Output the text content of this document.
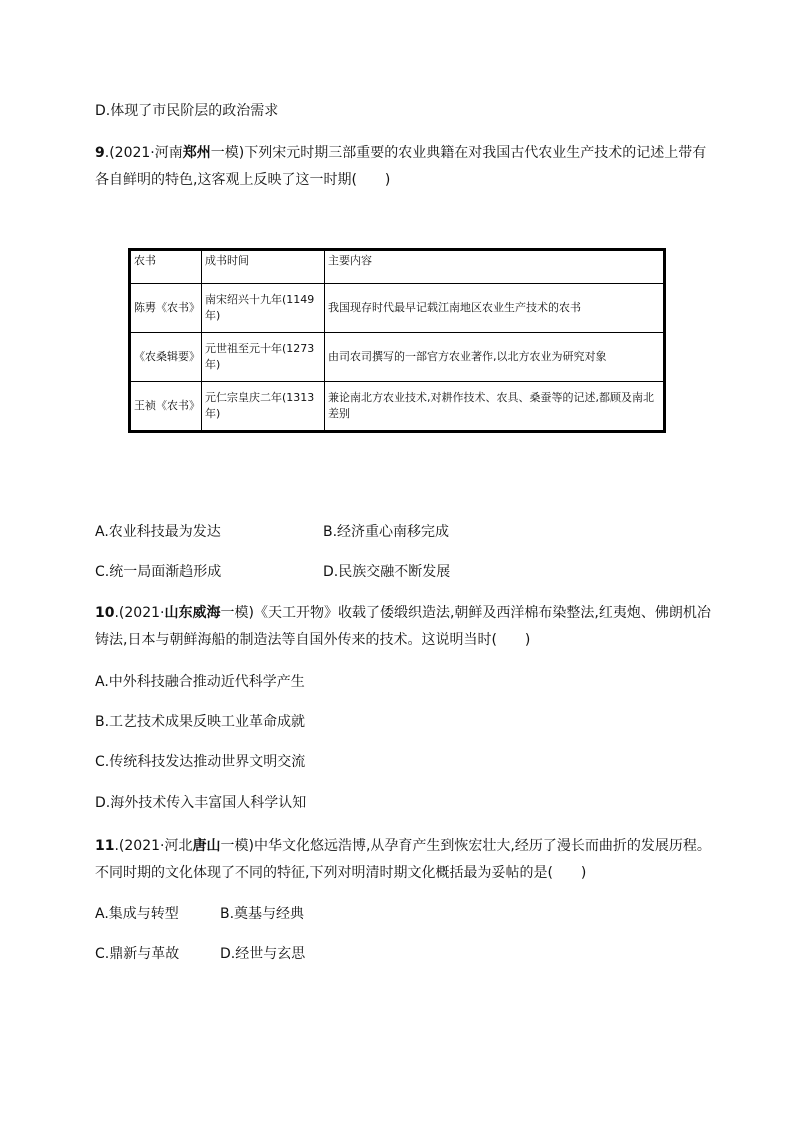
D.体现了市民阶层的政治需求
9.(2021·河南郑州一模)下列宋元时期三部重要的农业典籍在对我国古代农业生产技术的记述上带有
各自鲜明的特色,这客观上反映了这一时期(　　)
农书	成书时间	主要内容
陈旉《农书》	南宋绍兴十九年(1149年)	我国现存时代最早记载江南地区农业生产技术的农书
《农桑辑要》	元世祖至元十年(1273年)	由司农司撰写的一部官方农业著作,以北方农业为研究对象
王祯《农书》	元仁宗皇庆二年(1313年)	兼论南北方农业技术,对耕作技术、农具、桑蚕等的记述,都顾及南北差别
A.农业科技最为发达	B.经济重心南移完成
C.统一局面渐趋形成	D.民族交融不断发展
10.(2021·山东威海一模)《天工开物》收载了倭缎织造法,朝鲜及西洋棉布染整法,红夷炮、佛朗机冶
铸法,日本与朝鲜海船的制造法等自国外传来的技术。这说明当时(　　)
A.中外科技融合推动近代科学产生
B.工艺技术成果反映工业革命成就
C.传统科技发达推动世界文明交流
D.海外技术传入丰富国人科学认知
11.(2021·河北唐山一模)中华文化悠远浩博,从孕育产生到恢宏壮大,经历了漫长而曲折的发展历程。
不同时期的文化体现了不同的特征,下列对明清时期文化概括最为妥帖的是(　　)
A.集成与转型	B.奠基与经典
C.鼎新与革故	D.经世与玄思
